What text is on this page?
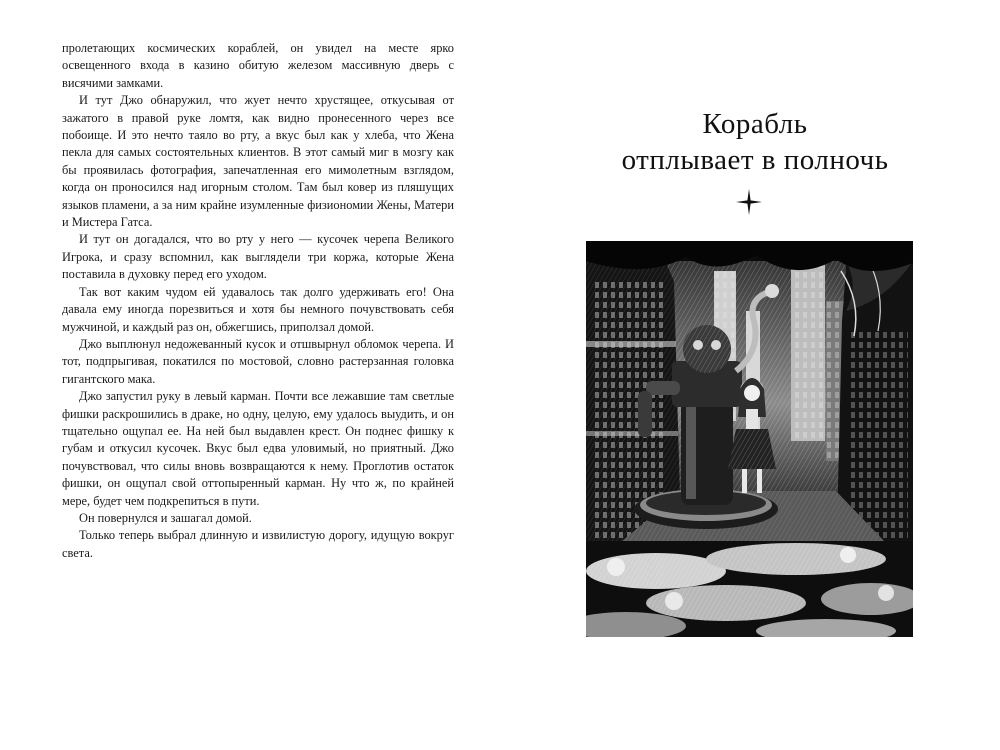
пролетающих космических кораблей, он увидел на месте ярко освещенного входа в казино обитую железом массивную дверь с висячими замками.

И тут Джо обнаружил, что жует нечто хрустящее, откусывая от зажатого в правой руке ломтя, как видно пронесенного через все побоище. И это нечто таяло во рту, а вкус был как у хлеба, что Жена пекла для самых состоятельных клиентов. В этот самый миг в мозгу как бы проявилась фотография, запечатленная его мимолетным взглядом, когда он проносился над игорным столом. Там был ковер из пляшущих языков пламени, а за ним крайне изумленные физиономии Жены, Матери и Мистера Гатса.

И тут он догадался, что во рту у него — кусочек черепа Великого Игрока, и сразу вспомнил, как выглядели три коржа, которые Жена поставила в духовку перед его уходом.

Так вот каким чудом ей удавалось так долго удерживать его! Она давала ему иногда порезвиться и хотя бы немного почувствовать себя мужчиной, и каждый раз он, обжегшись, приползал домой.

Джо выплюнул недожеванный кусок и отшвырнул обломок черепа. И тот, подпрыгивая, покатился по мостовой, словно растерзанная головка гигантского мака.

Джо запустил руку в левый карман. Почти все лежавшие там светлые фишки раскрошились в драке, но одну, целую, ему удалось выудить, и он тщательно ощупал ее. На ней был выдавлен крест. Он поднес фишку к губам и откусил кусочек. Вкус был едва уловимый, но приятный. Джо почувствовал, что силы вновь возвращаются к нему. Проглотив остаток фишки, он ощупал свой оттопыренный карман. Ну что ж, по крайней мере, будет чем подкрепиться в пути.

Он повернулся и зашагал домой.

Только теперь выбрал длинную и извилистую дорогу, идущую вокруг света.

Корабль
отплывает в полночь
